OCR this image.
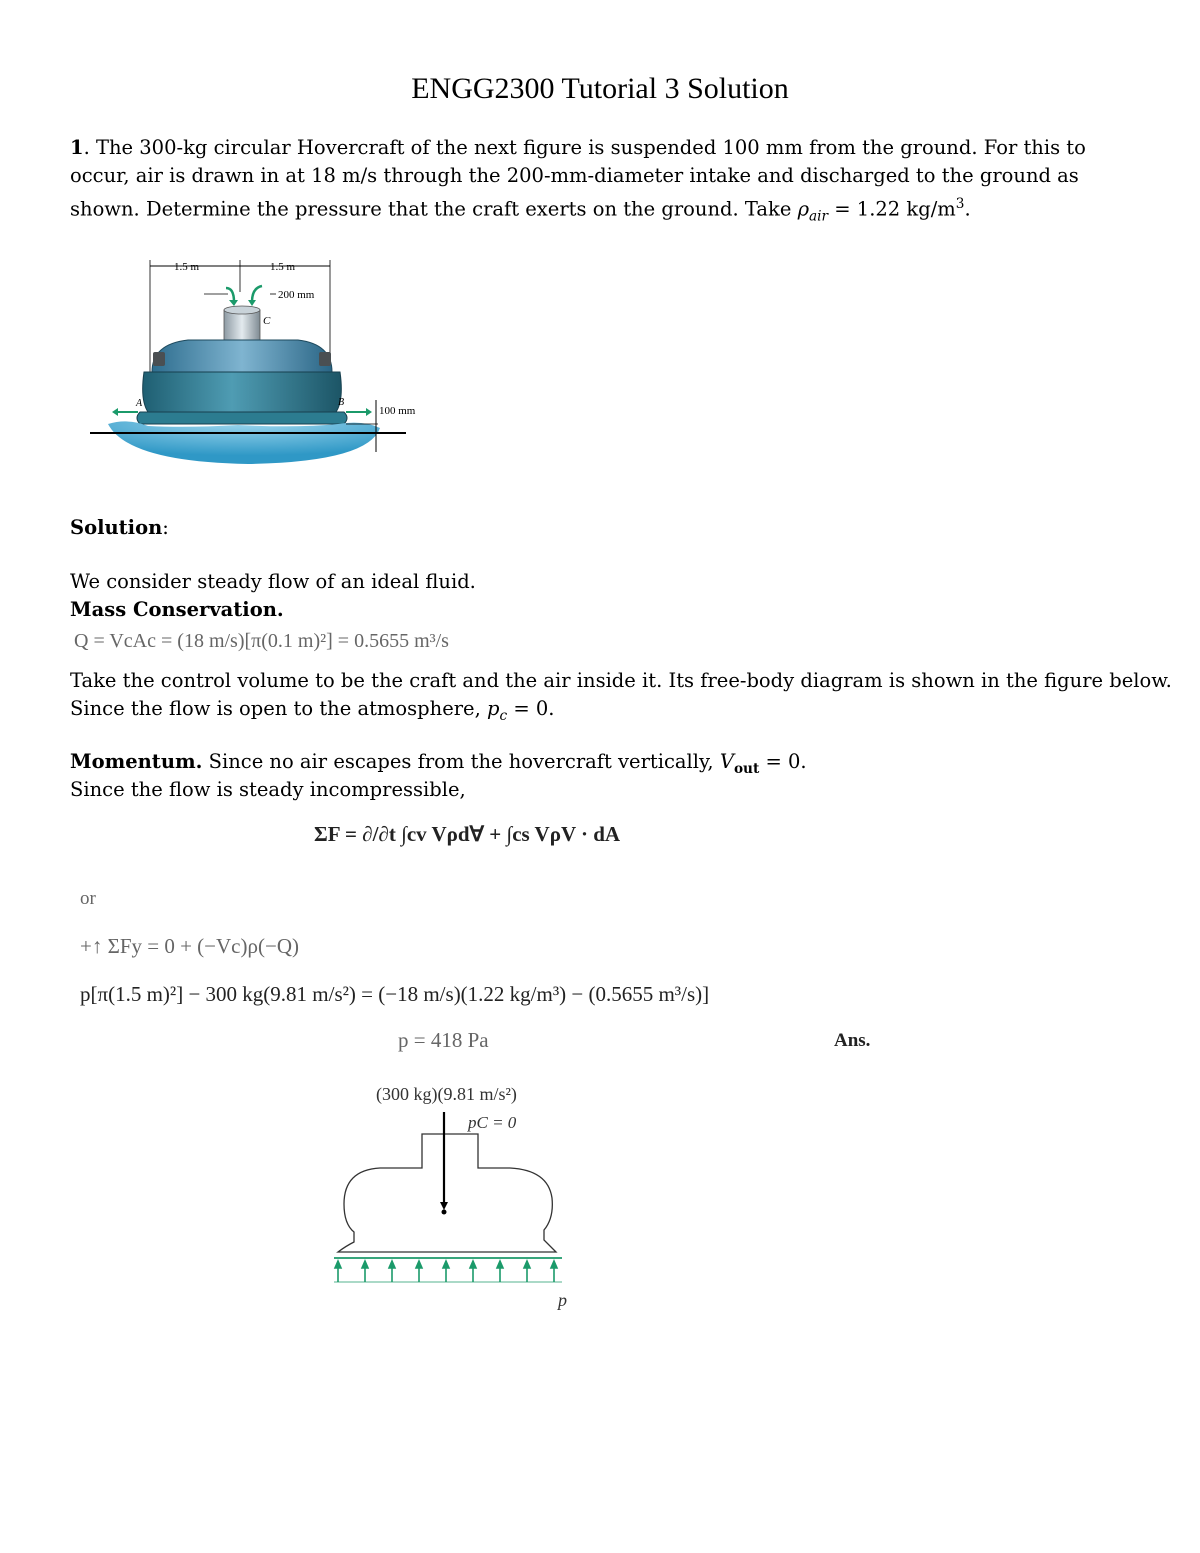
ENGG2300 Tutorial 3 Solution
1. The 300-kg circular Hovercraft of the next figure is suspended 100 mm from the ground. For this to occur, air is drawn in at 18 m/s through the 200-mm-diameter intake and discharged to the ground as shown. Determine the pressure that the craft exerts on the ground. Take $\rho_{air} = 1.22$ $kg/m^3$.
1.5 m	1.5 m
200 mm
C
A	B
100 mm
Solution:
We consider steady flow of an ideal fluid.
Mass Conservation.
Q = VcAc = (18 m/s)[π(0.1 m)²] = 0.5655 m³/s
Take the control volume to be the craft and the air inside it. Its free-body diagram is shown in the figure below.
Since the flow is open to the atmosphere, $p_c = 0$.
Momentum. Since no air escapes from the hovercraft vertically, $V_{out} = 0$.
Since the flow is steady incompressible,
ΣF = ∂/∂t ∫cv Vρd∀ + ∫cs VρV · dA
or
+↑ ΣFy = 0 + (−Vc)ρ(−Q)
p[π(1.5 m)²] − 300 kg(9.81 m/s²) = (−18 m/s)(1.22 kg/m³) − (0.5655 m³/s)]
p = 418 Pa	Ans.
(300 kg)(9.81 m/s²)
pC = 0
p
